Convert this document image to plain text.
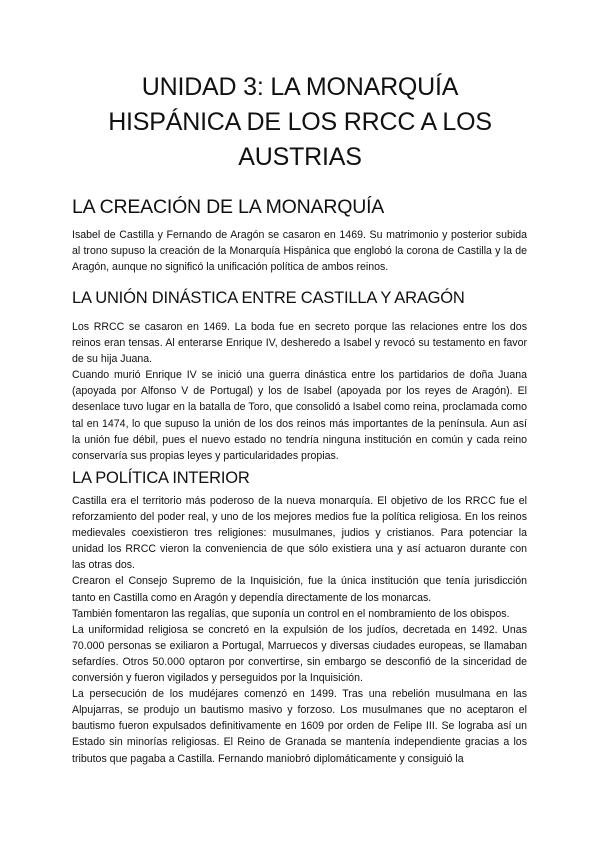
UNIDAD 3: LA MONARQUÍA
HISPÁNICA DE LOS RRCC A LOS
AUSTRIAS
LA CREACIÓN DE LA MONARQUÍA

Isabel de Castilla y Fernando de Aragón se casaron en 1469. Su matrimonio y posterior subida al trono supuso la creación de la Monarquía Hispánica que englobó la corona de Castilla y la de Aragón, aunque no significó la unificación política de ambos reinos.

LA UNIÓN DINÁSTICA ENTRE CASTILLA Y ARAGÓN

Los RRCC se casaron en 1469. La boda fue en secreto porque las relaciones entre los dos reinos eran tensas. Al enterarse Enrique IV, desheredo a Isabel y revocó su testamento en favor de su hija Juana.

Cuando murió Enrique IV se inició una guerra dinástica entre los partidarios de doña Juana (apoyada por Alfonso V de Portugal) y los de Isabel (apoyada por los reyes de Aragón). El desenlace tuvo lugar en la batalla de Toro, que consolidó a Isabel como reina, proclamada como tal en 1474, lo que supuso la unión de los dos reinos más importantes de la península. Aun así la unión fue débil, pues el nuevo estado no tendría ninguna institución en común y cada reino conservaría sus propias leyes y particularidades propias.

LA POLÍTICA INTERIOR

Castilla era el territorio más poderoso de la nueva monarquía. El objetivo de los RRCC fue el reforzamiento del poder real, y uno de los mejores medios fue la política religiosa. En los reinos medievales coexistieron tres religiones: musulmanes, judios y cristianos. Para potenciar la unidad los RRCC vieron la conveniencia de que sólo existiera una y así actuaron durante con las otras dos.

Crearon el Consejo Supremo de la Inquisición, fue la única institución que tenía jurisdicción tanto en Castilla como en Aragón y dependía directamente de los monarcas.

También fomentaron las regalías, que suponía un control en el nombramiento de los obispos.

La uniformidad religiosa se concretó en la expulsión de los judíos, decretada en 1492. Unas 70.000 personas se exiliaron a Portugal, Marruecos y diversas ciudades europeas, se llamaban sefardíes. Otros 50.000 optaron por convertirse, sin embargo se desconfió de la sinceridad de conversión y fueron vigilados y perseguidos por la Inquisición.

La persecución de los mudéjares comenzó en 1499. Tras una rebelión musulmana en las Alpujarras, se produjo un bautismo masivo y forzoso. Los musulmanes que no aceptaron el bautismo fueron expulsados definitivamente en 1609 por orden de Felipe III. Se lograba así un Estado sin minorías religiosas. El Reino de Granada se mantenía independiente gracias a los tributos que pagaba a Castilla. Fernando maniobró diplomáticamente y consiguió la
